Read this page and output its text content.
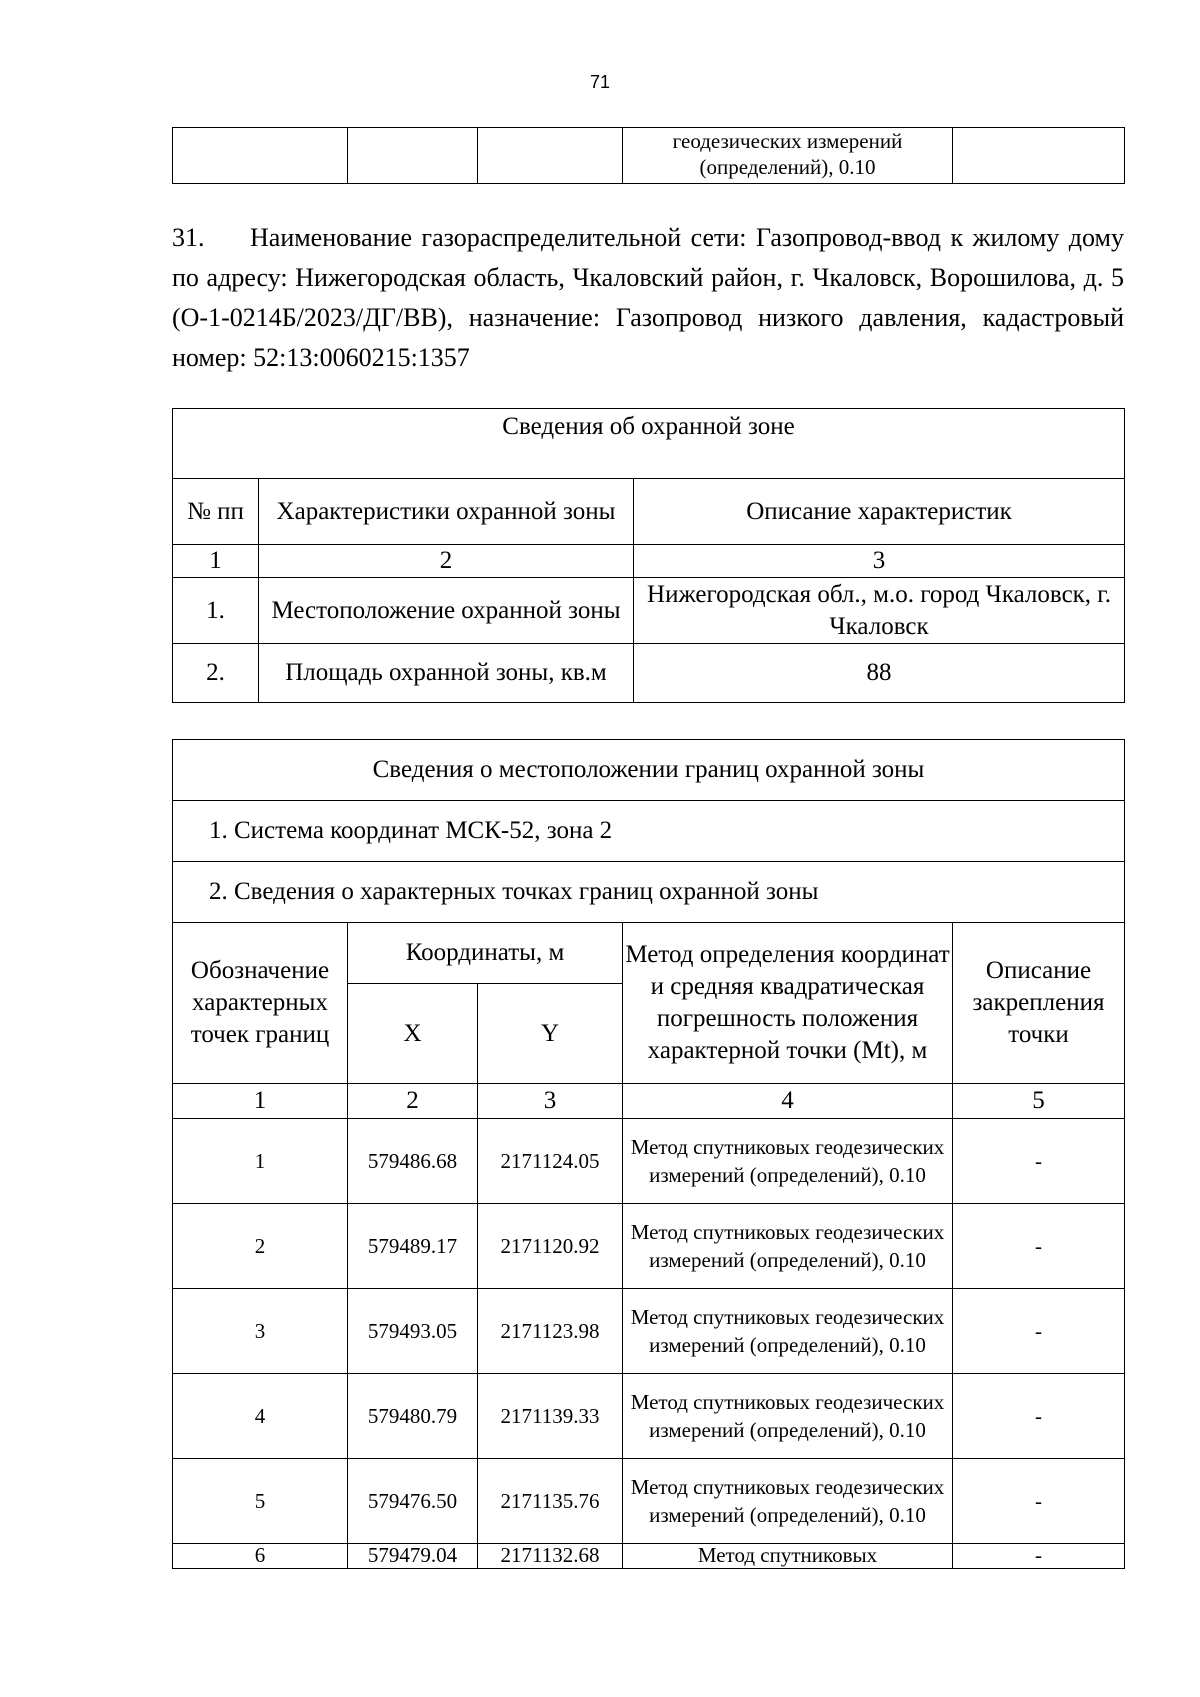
71
			геодезических измерений
(определений), 0.10	

31. Наименование газораспределительной сети: Газопровод-ввод к жилому дому по адресу: Нижегородская область, Чкаловский район, г. Чкаловск, Ворошилова, д. 5 (О-1-0214Б/2023/ДГ/ВВ), назначение: Газопровод низкого давления, кадастровый номер: 52:13:0060215:1357

Сведения об охранной зоне		
№ пп	Характеристики охранной зоны	Описание характеристик
1	2	3
1.	Местоположение охранной зоны	Нижегородская обл., м.о. город Чкаловск, г. Чкаловск
2.	Площадь охранной зоны, кв.м	88
Сведения о местоположении границ охранной зоны				
1. Система координат МСК-52, зона 2				
2. Сведения о характерных точках границ охранной зоны				
Обозначение характерных точек границ	Координаты, м		Метод определения координат и средняя квадратическая погрешность положения характерной точки (Mt), м	Описание закрепления точки
	X	Y		
1	2	3	4	5
1	579486.68	2171124.05	Метод спутниковых геодезических измерений (определений), 0.10	-
2	579489.17	2171120.92	Метод спутниковых геодезических измерений (определений), 0.10	-
3	579493.05	2171123.98	Метод спутниковых геодезических измерений (определений), 0.10	-
4	579480.79	2171139.33	Метод спутниковых геодезических измерений (определений), 0.10	-
5	579476.50	2171135.76	Метод спутниковых геодезических измерений (определений), 0.10	-
6	579479.04	2171132.68	Метод спутниковых	-
